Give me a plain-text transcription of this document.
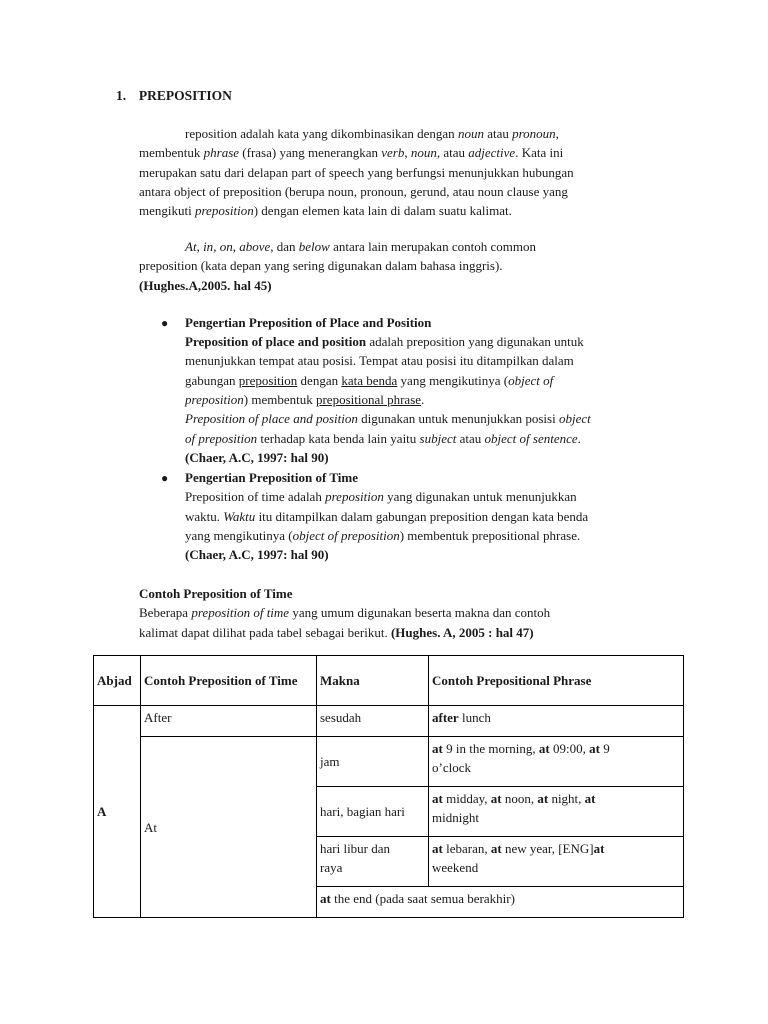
1. PREPOSITION
reposition adalah kata yang dikombinasikan dengan noun atau pronoun,
membentuk phrase (frasa) yang menerangkan verb, noun, atau adjective. Kata ini
merupakan satu dari delapan part of speech yang berfungsi menunjukkan hubungan
antara object of preposition (berupa noun, pronoun, gerund, atau noun clause yang
mengikuti preposition) dengan elemen kata lain di dalam suatu kalimat.
At, in, on, above, dan below antara lain merupakan contoh common
preposition (kata depan yang sering digunakan dalam bahasa inggris).
(Hughes.A,2005. hal 45)
● Pengertian Preposition of Place and Position
Preposition of place and position adalah preposition yang digunakan untuk
menunjukkan tempat atau posisi. Tempat atau posisi itu ditampilkan dalam
gabungan preposition dengan kata benda yang mengikutinya (object of
preposition) membentuk prepositional phrase.
Preposition of place and position digunakan untuk menunjukkan posisi object
of preposition terhadap kata benda lain yaitu subject atau object of sentence.
(Chaer, A.C, 1997: hal 90)
● Pengertian Preposition of Time
Preposition of time adalah preposition yang digunakan untuk menunjukkan
waktu. Waktu itu ditampilkan dalam gabungan preposition dengan kata benda
yang mengikutinya (object of preposition) membentuk prepositional phrase.
(Chaer, A.C, 1997: hal 90)
Contoh Preposition of Time
Beberapa preposition of time yang umum digunakan beserta makna dan contoh
kalimat dapat dilihat pada tabel sebagai berikut. (Hughes. A, 2005 : hal 47)
Abjad	Contoh Preposition of Time	Makna	Contoh Prepositional Phrase
A	After	sesudah	after lunch
	At	jam	at 9 in the morning, at 09:00, at 9
o’clock
		hari, bagian hari	at midday, at noon, at night, at
midnight
		hari libur dan
raya	at lebaran, at new year, [ENG]at
weekend
		at the end (pada saat semua berakhir)	
